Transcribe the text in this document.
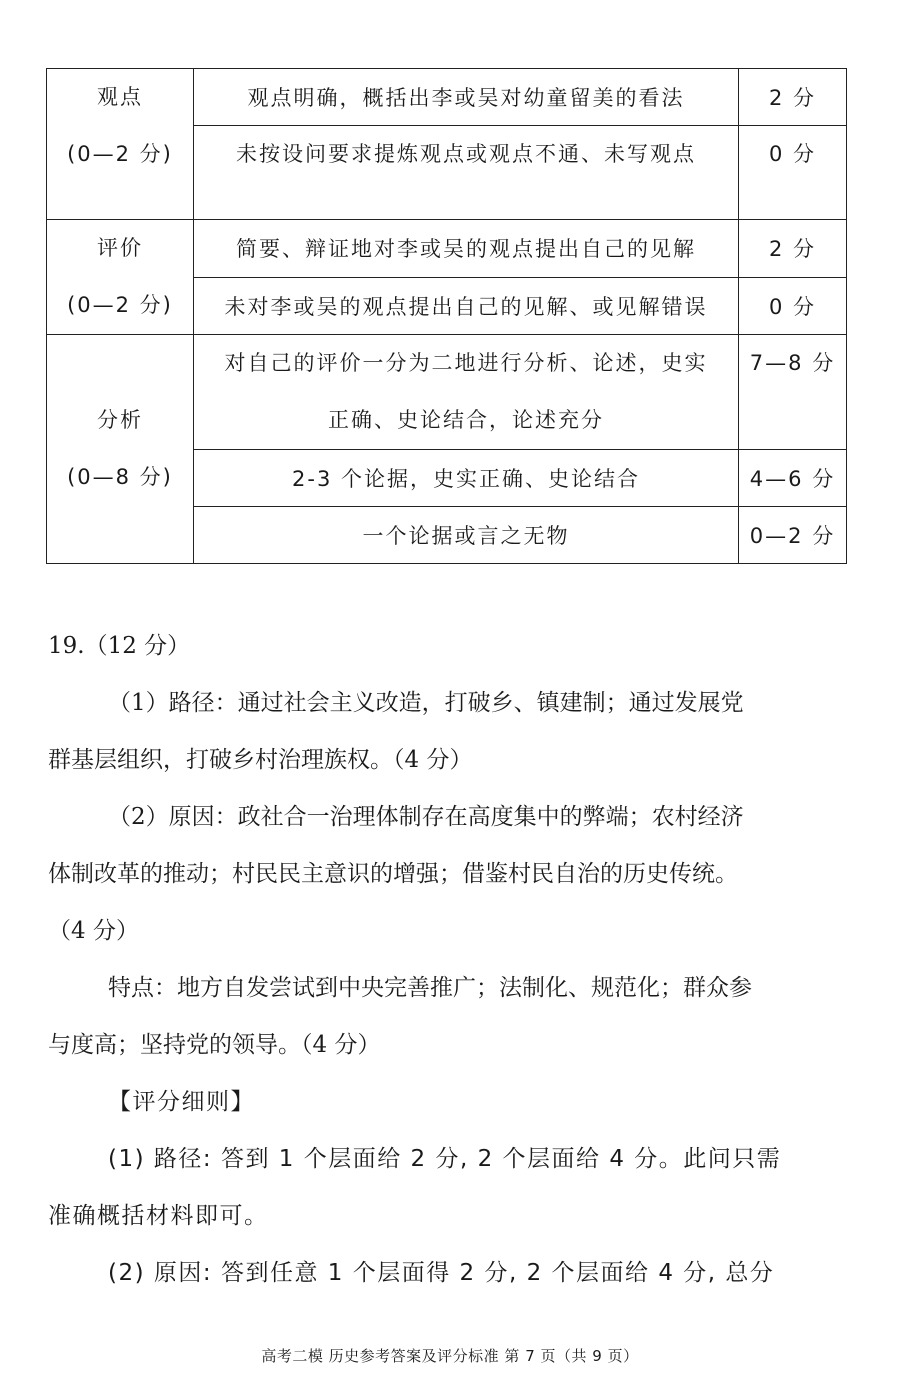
观点
(0—2 分)	观点明确，概括出李或吴对幼童留美的看法	2 分
	未按设问要求提炼观点或观点不通、未写观点	0 分

评价
(0—2 分)	简要、辩证地对李或吴的观点提出自己的见解	2 分
	未对李或吴的观点提出自己的见解、或见解错误	0 分

分析
(0—8 分)	对自己的评价一分为二地进行分析、论述，史实
正确、史论结合，论述充分	7—8 分
	2-3 个论据，史实正确、史论结合	4—6 分
	一个论据或言之无物	0—2 分

19.（12 分）

（1）路径：通过社会主义改造，打破乡、镇建制；通过发展党

群基层组织，打破乡村治理族权。（4 分）

（2）原因：政社合一治理体制存在高度集中的弊端；农村经济

体制改革的推动；村民民主意识的增强；借鉴村民自治的历史传统。

（4 分）

特点：地方自发尝试到中央完善推广；法制化、规范化；群众参

与度高；坚持党的领导。（4 分）

【评分细则】

(1) 路径: 答到 1 个层面给 2 分, 2 个层面给 4 分。此问只需

准确概括材料即可。

(2) 原因: 答到任意 1 个层面得 2 分, 2 个层面给 4 分, 总分

高考二模 历史参考答案及评分标准 第 7 页（共 9 页）
